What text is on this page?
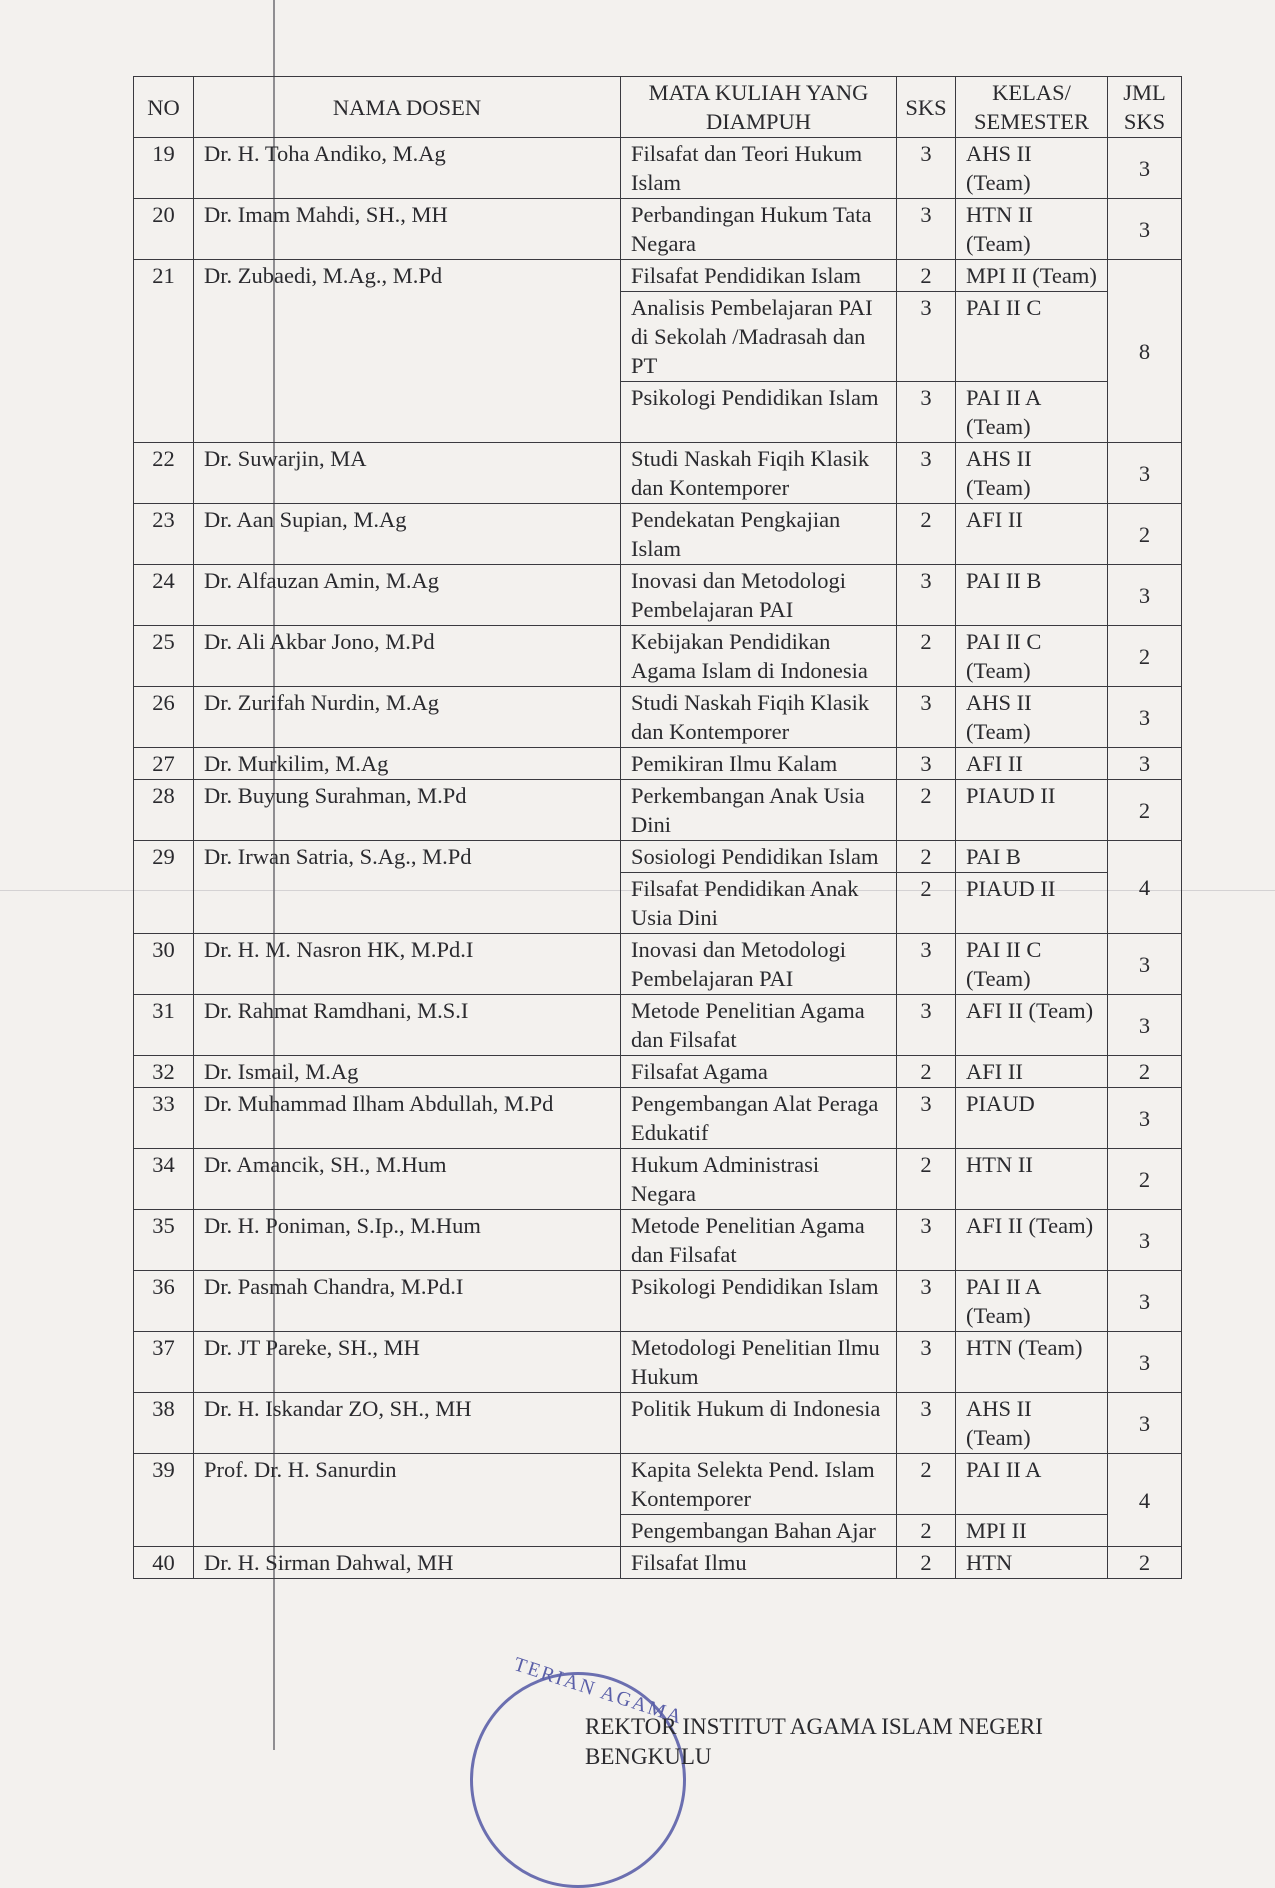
NO	NAMA DOSEN	MATA KULIAH YANG DIAMPUH	SKS	KELAS/ SEMESTER	JML SKS
19	Dr. H. Toha Andiko, M.Ag	Filsafat dan Teori Hukum Islam	3	AHS II (Team)	3
20	Dr. Imam Mahdi, SH., MH	Perbandingan Hukum Tata Negara	3	HTN II (Team)	3
21	Dr. Zubaedi, M.Ag., M.Pd	Filsafat Pendidikan Islam	2	MPI II (Team)	8
		Analisis Pembelajaran PAI di Sekolah /Madrasah dan PT	3	PAI II C	
		Psikologi Pendidikan Islam	3	PAI II A (Team)	
22	Dr. Suwarjin, MA	Studi Naskah Fiqih Klasik dan Kontemporer	3	AHS II (Team)	3
23	Dr. Aan Supian, M.Ag	Pendekatan Pengkajian Islam	2	AFI II	2
24	Dr. Alfauzan Amin, M.Ag	Inovasi dan Metodologi Pembelajaran PAI	3	PAI II B	3
25	Dr. Ali Akbar Jono, M.Pd	Kebijakan Pendidikan Agama Islam di Indonesia	2	PAI II C (Team)	2
26	Dr. Zurifah Nurdin, M.Ag	Studi Naskah Fiqih Klasik dan Kontemporer	3	AHS II (Team)	3
27	Dr. Murkilim, M.Ag	Pemikiran Ilmu Kalam	3	AFI II	3
28	Dr. Buyung Surahman, M.Pd	Perkembangan Anak Usia Dini	2	PIAUD II	2
29	Dr. Irwan Satria, S.Ag., M.Pd	Sosiologi Pendidikan Islam	2	PAI B	4
		Filsafat Pendidikan Anak Usia Dini	2	PIAUD II	
30	Dr. H. M. Nasron HK, M.Pd.I	Inovasi dan Metodologi Pembelajaran PAI	3	PAI II C (Team)	3
31	Dr. Rahmat Ramdhani, M.S.I	Metode Penelitian Agama dan Filsafat	3	AFI II (Team)	3
32	Dr. Ismail, M.Ag	Filsafat Agama	2	AFI II	2
33	Dr. Muhammad Ilham Abdullah, M.Pd	Pengembangan Alat Peraga Edukatif	3	PIAUD	3
34	Dr. Amancik, SH., M.Hum	Hukum Administrasi Negara	2	HTN II	2
35	Dr. H. Poniman, S.Ip., M.Hum	Metode Penelitian Agama dan Filsafat	3	AFI II (Team)	3
36	Dr. Pasmah Chandra, M.Pd.I	Psikologi Pendidikan Islam	3	PAI II A (Team)	3
37	Dr. JT Pareke, SH., MH	Metodologi Penelitian Ilmu Hukum	3	HTN (Team)	3
38	Dr. H. Iskandar ZO, SH., MH	Politik Hukum di Indonesia	3	AHS II (Team)	3
39	Prof. Dr. H. Sanurdin	Kapita Selekta Pend. Islam Kontemporer	2	PAI II A	4
		Pengembangan Bahan Ajar	2	MPI II	
40	Dr. H. Sirman Dahwal, MH	Filsafat Ilmu	2	HTN	2
TERIAN AGAMA
REKTOR INSTITUT AGAMA ISLAM NEGERI
BENGKULU
